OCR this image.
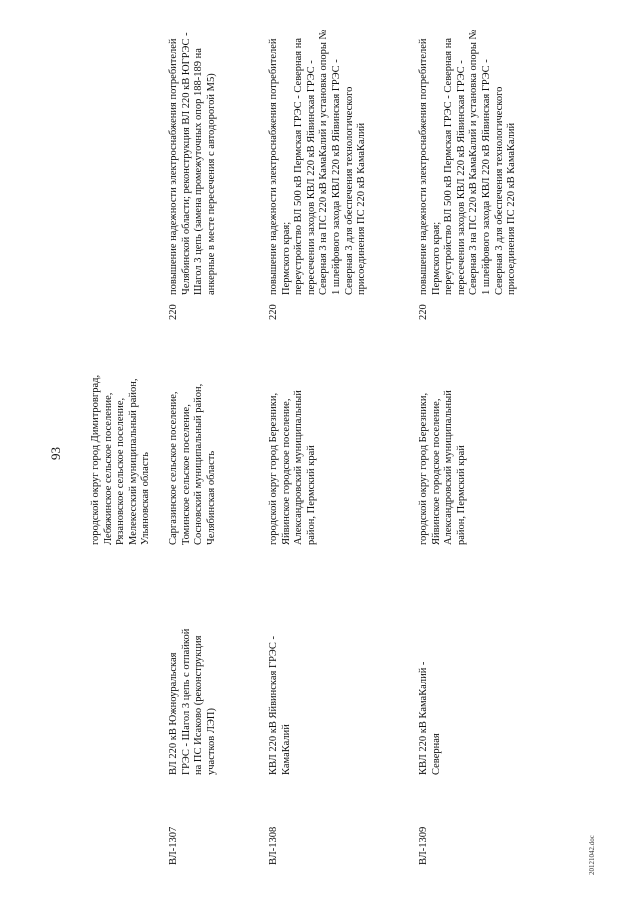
93
городской округ город Димитровград,
Лебяжинское сельское поселение,
Рязановское сельское поселение,
Мелекесский муниципальный район,
Ульяновская область
ВЛ-1307
ВЛ 220 кВ Южноуральская ГРЭС - Шагол 3 цепь с отпайкой на ПС Исаково (реконструкция участков ЛЭП)
Саргазинское сельское поселение,
Томинское сельское поселение,
Сосновский муниципальный район,
Челябинская область
220
повышение надежности электроснабжения потребителей Челябинской области; реконструкция ВЛ 220 кВ ЮГРЭС - Шагол 3 цепь (замена промежуточных опор 188-189 на анкерные в месте пересечения с автодорогой М5)
ВЛ-1308
КВЛ 220 кВ Яйвинская ГРЭС - КамаКалий
городской округ город Березники,
Яйвинское городское поселение,
Александровский муниципальный
район, Пермский край
220
повышение надежности электроснабжения потребителей Пермского края;
переустройство ВЛ 500 кВ Пермская ГРЭС - Северная на пересечении заходов КВЛ 220 кВ Яйвинская ГРЭС - Северная 3 на ПС 220 кВ КамаКалий и установка опоры № 1 шлейфового захода КВЛ 220 кВ Яйвинская ГРЭС - Северная 3 для обеспечения технологического присоединения ПС 220 кВ КамаКалий
ВЛ-1309
КВЛ 220 кВ КамаКалий - Северная
городской округ город Березники,
Яйвинское городское поселение,
Александровский муниципальный
район, Пермский край
220
повышение надежности электроснабжения потребителей Пермского края;
переустройство ВЛ 500 кВ Пермская ГРЭС - Северная на пересечении заходов КВЛ 220 кВ Яйвинская ГРЭС - Северная 3 на ПС 220 кВ КамаКалий и установка опоры № 1 шлейфового захода КВЛ 220 кВ Яйвинская ГРЭС - Северная 3 для обеспечения технологического присоединения ПС 220 кВ КамаКалий
20121042.doc
